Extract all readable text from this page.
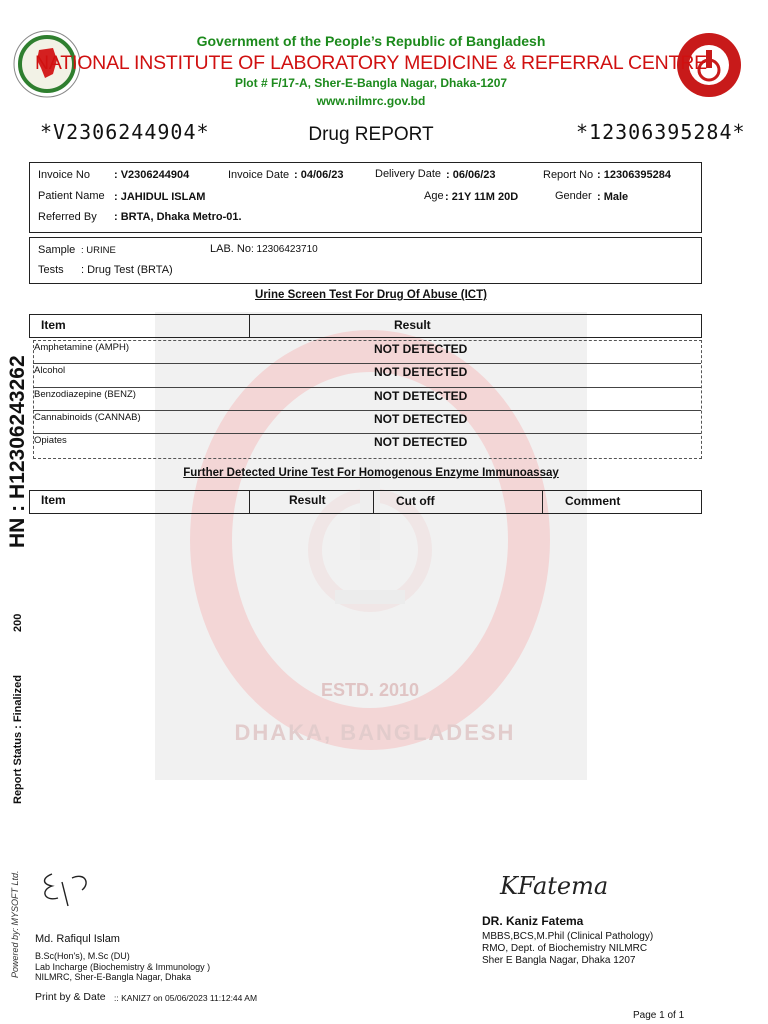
ESTD. 2010
DHAKA, BANGLADESH
Government of the People’s Republic of Bangladesh
NATIONAL INSTITUTE OF LABORATORY MEDICINE & REFERRAL CENTRE
Plot # F/17-A, Sher-E-Bangla Nagar, Dhaka-1207
www.nilmrc.gov.bd
*V2306244904*	*12306395284*
Drug REPORT
Invoice No : V2306244904	Invoice Date : 04/06/23	Delivery Date : 06/06/23	Report No : 12306395284
Patient Name : JAHIDUL ISLAM	Age : 21Y 11M 20D	Gender : Male
Referred By : BRTA, Dhaka Metro-01.
Sample : URINE	LAB. No : 12306423710
Tests : Drug Test (BRTA)
Urine Screen Test For Drug Of Abuse (ICT)
Item	Result
Amphetamine (AMPH)	NOT DETECTED
Alcohol	NOT DETECTED
Benzodiazepine (BENZ)	NOT DETECTED
Cannabinoids (CANNAB)	NOT DETECTED
Opiates	NOT DETECTED
Further Detected Urine Test For Homogenous Enzyme Immunoassay
Item	Result	Cut off	Comment
HN : H12306243262
200
Report Status : Finalized
Powered by: MYSOFT Ltd. Md. Rafiqul Islam
B.Sc(Hon's), M.Sc (DU)
Lab Incharge (Biochemistry & Immunology )
NILMRC, Sher-E-Bangla Nagar, Dhaka
KFatema
DR. Kaniz Fatema
MBBS,BCS,M.Phil (Clinical Pathology)
RMO, Dept. of Biochemistry NILMRC
Sher E Bangla Nagar, Dhaka 1207
Print by & Date :: KANIZ7 on 05/06/2023 11:12:44 AM
Page 1 of 1
